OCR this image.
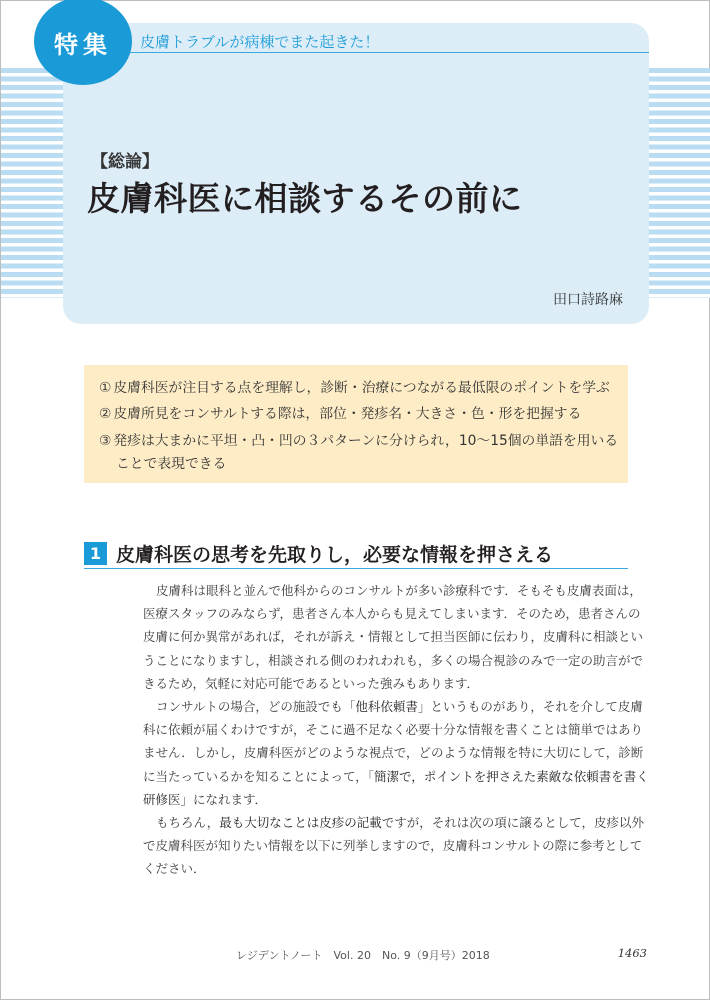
特集	皮膚トラブルが病棟でまた起きた！
【総論】
皮膚科医に相談するその前に
田口詩路麻
① 皮膚科医が注目する点を理解し，診断・治療につながる最低限のポイントを学ぶ
② 皮膚所見をコンサルトする際は，部位・発疹名・大きさ・色・形を把握する
③ 発疹は大まかに平坦・凸・凹の３パターンに分けられ，10〜15個の単語を用いる
ことで表現できる
1 皮膚科医の思考を先取りし，必要な情報を押さえる

皮膚科は眼科と並んで他科からのコンサルトが多い診療科です．そもそも皮膚表面は，医療スタッフのみならず，患者さん本人からも見えてしまいます．そのため，患者さんの皮膚に何か異常があれば，それが訴え・情報として担当医師に伝わり，皮膚科に相談ということになりますし，相談される側のわれわれも，多くの場合視診のみで一定の助言ができるため，気軽に対応可能であるといった強みもあります．

コンサルトの場合，どの施設でも「他科依頼書」というものがあり，それを介して皮膚科に依頼が届くわけですが，そこに過不足なく必要十分な情報を書くことは簡単ではありません．しかし，皮膚科医がどのような視点で，どのような情報を特に大切にして，診断に当たっているかを知ることによって，「簡潔で，ポイントを押さえた素敵な依頼書を書く研修医」になれます．

もちろん，最も大切なことは皮疹の記載ですが，それは次の項に譲るとして，皮疹以外で皮膚科医が知りたい情報を以下に列挙しますので，皮膚科コンサルトの際に参考としてください．

レジデントノート　Vol. 20　No. 9（9月号）2018	1463
